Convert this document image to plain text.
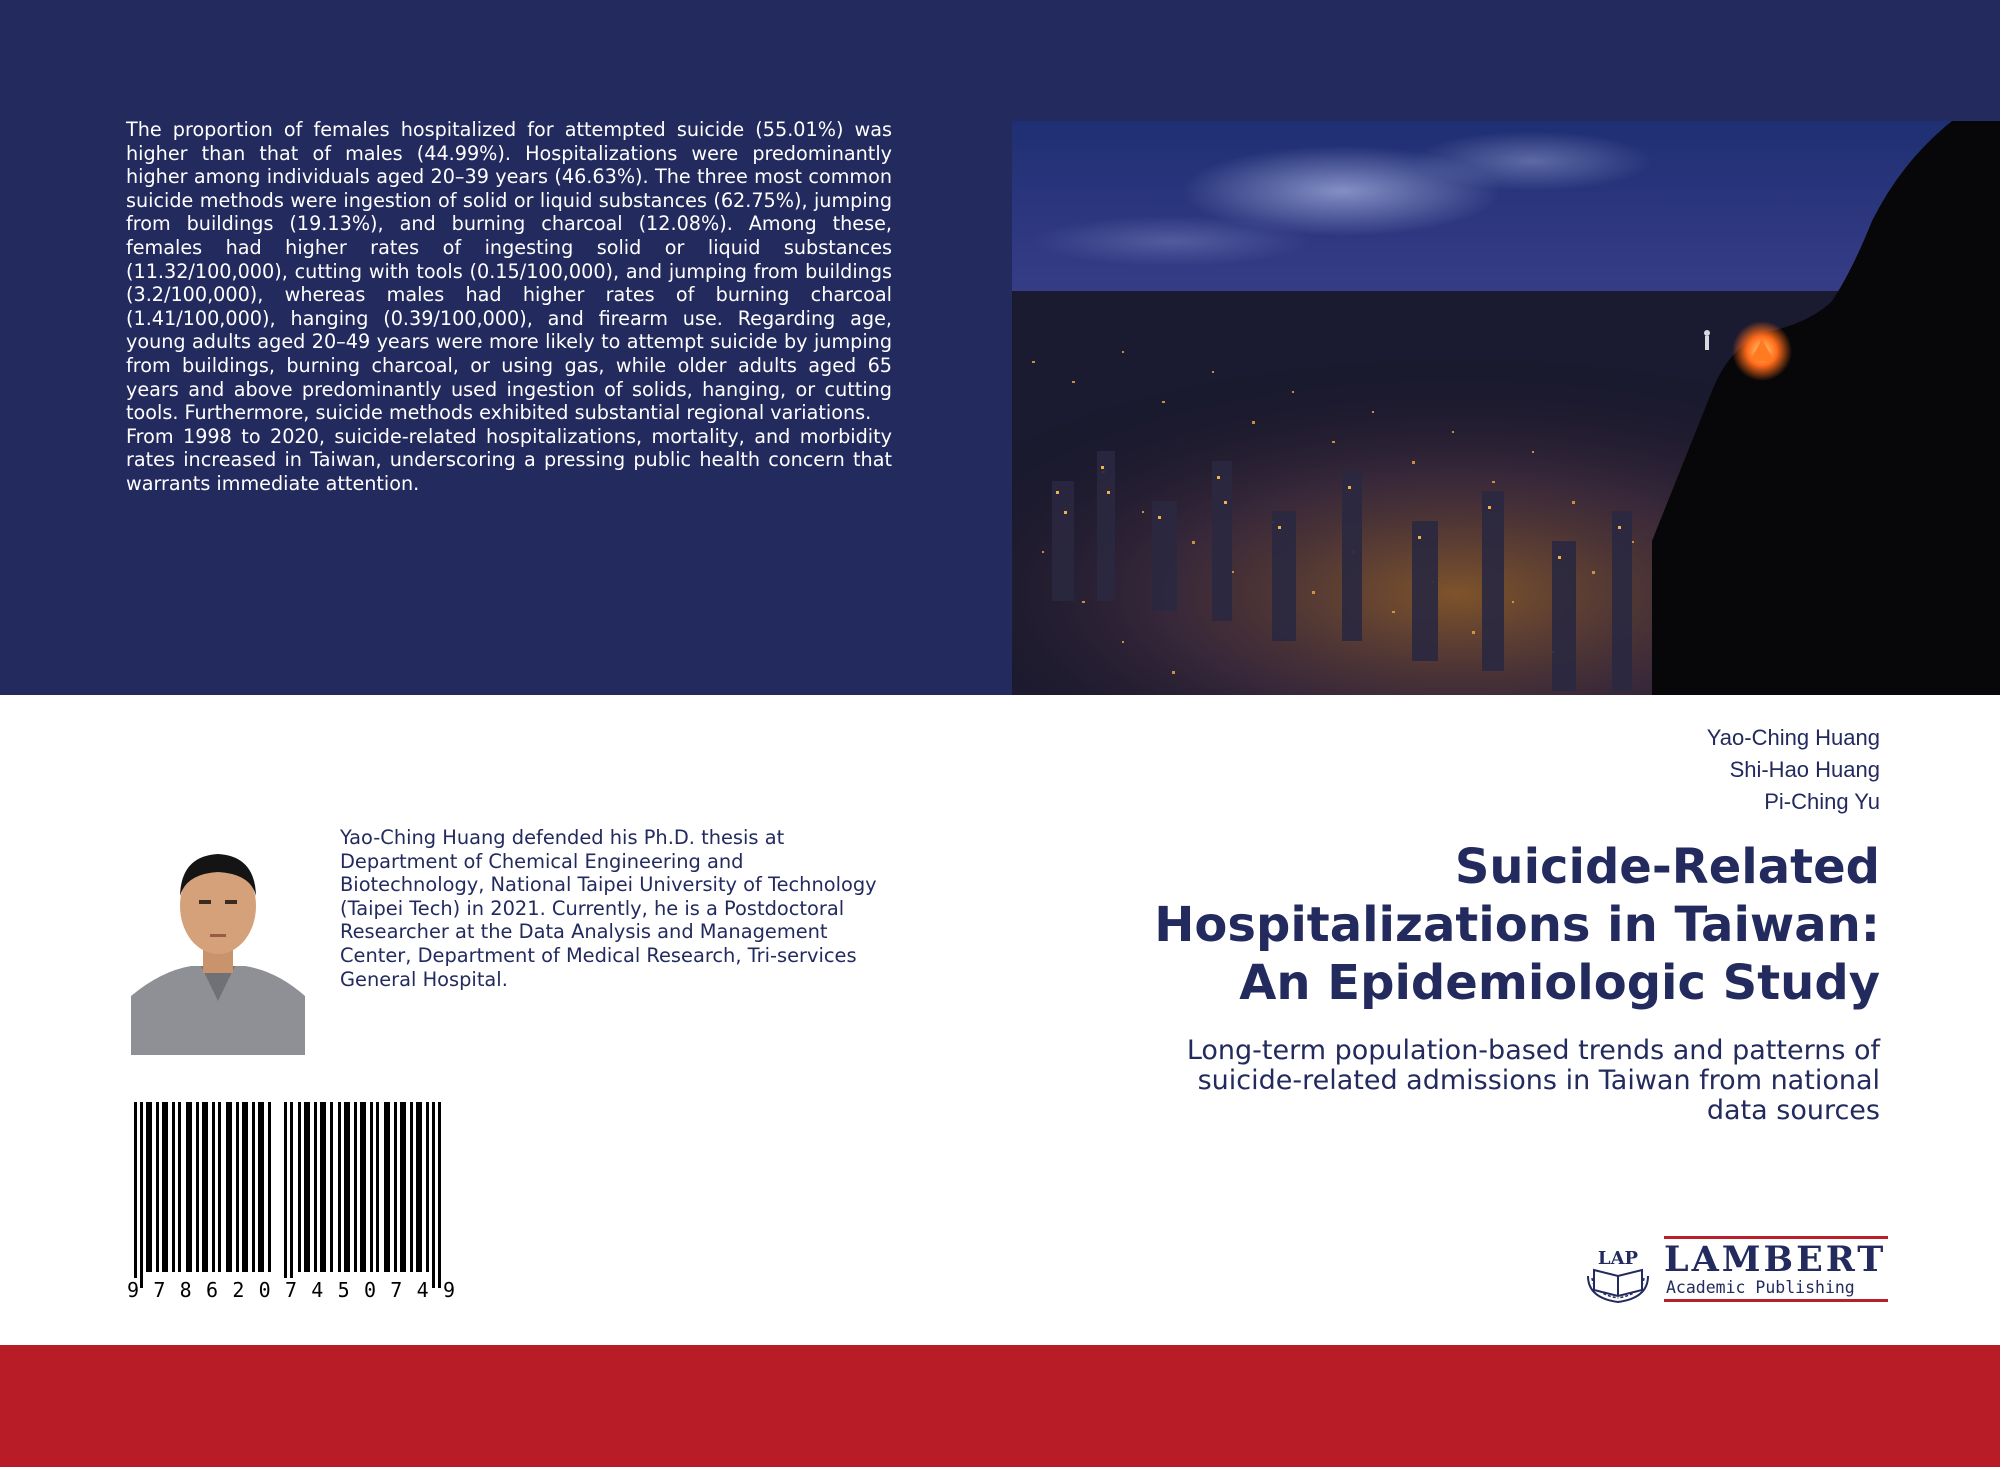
The proportion of females hospitalized for attempted suicide (55.01%) was higher than that of males (44.99%). Hospitalizations were predominantly higher among individuals aged 20–39 years (46.63%). The three most common suicide methods were ingestion of solid or liquid substances (62.75%), jumping from buildings (19.13%), and burning charcoal (12.08%). Among these, females had higher rates of ingesting solid or liquid substances (11.32/100,000), cutting with tools (0.15/100,000), and jumping from buildings (3.2/100,000), whereas males had higher rates of burning charcoal (1.41/100,000), hanging (0.39/100,000), and firearm use. Regarding age, young adults aged 20–49 years were more likely to attempt suicide by jumping from buildings, burning charcoal, or using gas, while older adults aged 65 years and above predominantly used ingestion of solids, hanging, or cutting tools. Furthermore, suicide methods exhibited substantial regional variations.

From 1998 to 2020, suicide-related hospitalizations, mortality, and morbidity rates increased in Taiwan, underscoring a pressing public health concern that warrants immediate attention.

Yao-Ching Huang
Shi-Hao Huang
Pi-Ching Yu
Suicide-Related
Hospitalizations in Taiwan:
An Epidemiologic Study
Long-term population-based trends and patterns of
suicide-related admissions in Taiwan from national
data sources
Yao-Ching Huang defended his Ph.D. thesis at Department of Chemical Engineering and Biotechnology, National Taipei University of Technology (Taipei Tech) in 2021. Currently, he is a Postdoctoral Researcher at the Data Analysis and Management Center, Department of Medical Research, Tri-services General Hospital.
9 7 8 6 2 0 7 4 5 0 7 4 9
LAP LAMBERT
Academic Publishing
